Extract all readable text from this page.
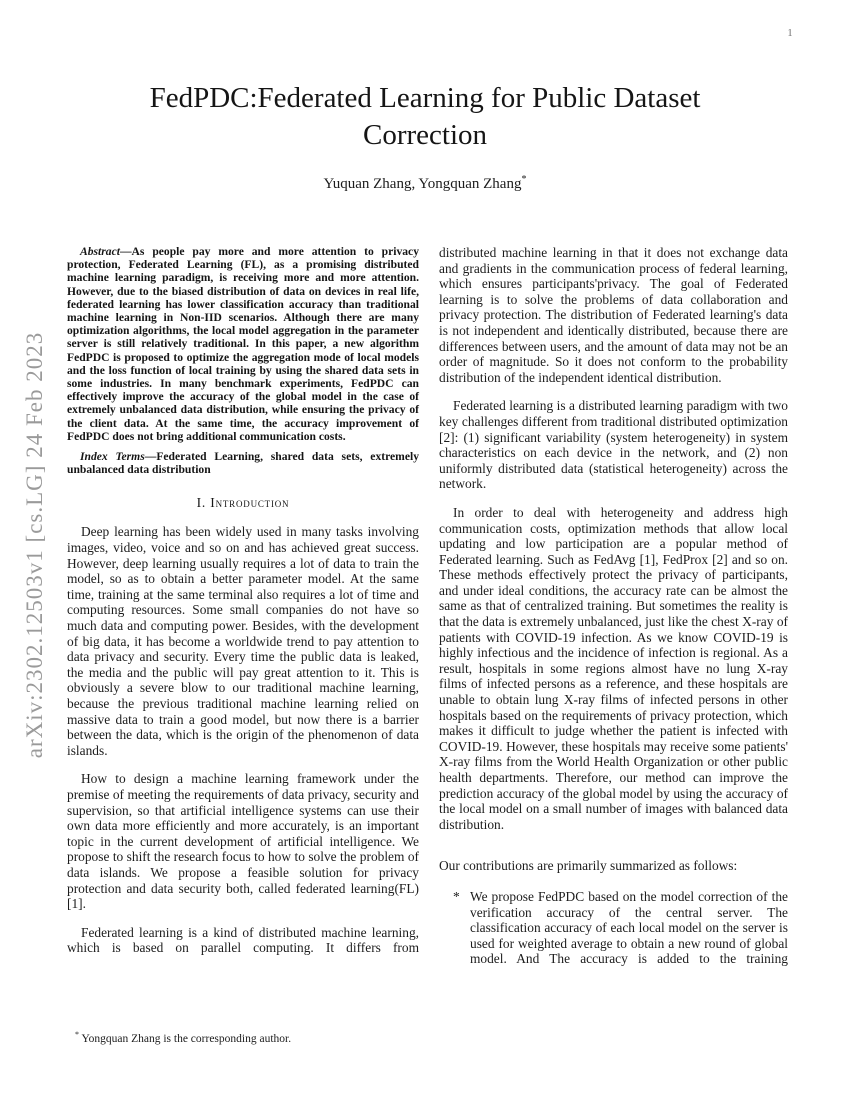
1
arXiv:2302.12503v1 [cs.LG] 24 Feb 2023
FedPDC:Federated Learning for Public Dataset Correction
Yuquan Zhang, Yongquan Zhang*

Abstract—As people pay more and more attention to privacy protection, Federated Learning (FL), as a promising distributed machine learning paradigm, is receiving more and more attention. However, due to the biased distribution of data on devices in real life, federated learning has lower classification accuracy than traditional machine learning in Non-IID scenarios. Although there are many optimization algorithms, the local model aggregation in the parameter server is still relatively traditional. In this paper, a new algorithm FedPDC is proposed to optimize the aggregation mode of local models and the loss function of local training by using the shared data sets in some industries. In many benchmark experiments, FedPDC can effectively improve the accuracy of the global model in the case of extremely unbalanced data distribution, while ensuring the privacy of the client data. At the same time, the accuracy improvement of FedPDC does not bring additional communication costs.

Index Terms—Federated Learning, shared data sets, extremely unbalanced data distribution

I. Introduction

Deep learning has been widely used in many tasks involving images, video, voice and so on and has achieved great success. However, deep learning usually requires a lot of data to train the model, so as to obtain a better parameter model. At the same time, training at the same terminal also requires a lot of time and computing resources. Some small companies do not have so much data and computing power. Besides, with the development of big data, it has become a worldwide trend to pay attention to data privacy and security. Every time the public data is leaked, the media and the public will pay great attention to it. This is obviously a severe blow to our traditional machine learning, because the previous traditional machine learning relied on massive data to train a good model, but now there is a barrier between the data, which is the origin of the phenomenon of data islands.

How to design a machine learning framework under the premise of meeting the requirements of data privacy, security and supervision, so that artificial intelligence systems can use their own data more efficiently and more accurately, is an important topic in the current development of artificial intelligence. We propose to shift the research focus to how to solve the problem of data islands. We propose a feasible solution for privacy protection and data security both, called federated learning(FL) [1].

Federated learning is a kind of distributed machine learning, which is based on parallel computing. It differs from

distributed machine learning in that it does not exchange data and gradients in the communication process of federal learning, which ensures participants'privacy. The goal of Federated learning is to solve the problems of data collaboration and privacy protection. The distribution of Federated learning's data is not independent and identically distributed, because there are differences between users, and the amount of data may not be an order of magnitude. So it does not conform to the probability distribution of the independent identical distribution.

Federated learning is a distributed learning paradigm with two key challenges different from traditional distributed optimization [2]: (1) significant variability (system heterogeneity) in system characteristics on each device in the network, and (2) non uniformly distributed data (statistical heterogeneity) across the network.

In order to deal with heterogeneity and address high communication costs, optimization methods that allow local updating and low participation are a popular method of Federated learning. Such as FedAvg [1], FedProx [2] and so on. These methods effectively protect the privacy of participants, and under ideal conditions, the accuracy rate can be almost the same as that of centralized training. But sometimes the reality is that the data is extremely unbalanced, just like the chest X-ray of patients with COVID-19 infection. As we know COVID-19 is highly infectious and the incidence of infection is regional. As a result, hospitals in some regions almost have no lung X-ray films of infected persons as a reference, and these hospitals are unable to obtain lung X-ray films of infected persons in other hospitals based on the requirements of privacy protection, which makes it difficult to judge whether the patient is infected with COVID-19. However, these hospitals may receive some patients' X-ray films from the World Health Organization or other public health departments. Therefore, our method can improve the prediction accuracy of the global model by using the accuracy of the local model on a small number of images with balanced data distribution.

Our contributions are primarily summarized as follows:

* We propose FedPDC based on the model correction of the verification accuracy of the central server. The classification accuracy of each local model on the server is used for weighted average to obtain a new round of global model. And The accuracy is added to the training

* Yongquan Zhang is the corresponding author.
